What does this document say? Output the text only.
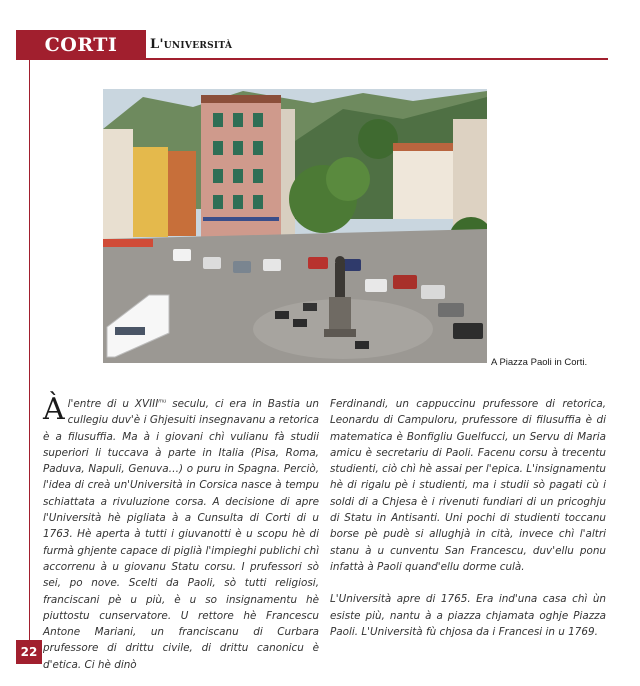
CORTI	L'università
A Piazza Paoli in Corti.

À l'entre di u $XVIII^{mu}$ seculu, ci era in Bastia un cullegiu duv'è i Ghjesuiti insegnavanu a retorica è a filusuffia. Ma à i giovani chì vulianu fà studii superiori li tuccava à parte in Italia (Pisa, Roma, Paduva, Napuli, Genuva…) o puru in Spagna. Perciò, l'idea di creà un'Università in Corsica nasce à tempu schiattata a rivuluzione corsa. A decisione di apre l'Università hè pigliata à a Cunsulta di Corti di u 1763. Hè aperta à tutti i giuvanotti è u scopu hè di furmà ghjente capace di piglià l'impieghi publichi chì accorrenu à u giovanu Statu corsu. I prufessori sò sei, po nove. Scelti da Paoli, sò tutti religiosi, franciscani pè u più, è u so insignamentu hè piuttostu cunservatore. U rettore hè Francescu Antone Mariani, un franciscanu di Curbara prufessore di drittu civile, di drittu canonicu è d'etica. Ci hè dinò

Ferdinandi, un cappuccinu prufessore di retorica, Leonardu di Campuloru, prufessore di filusuffia è di matematica è Bonfigliu Guelfucci, un Servu di Maria amicu è secretariu di Paoli. Facenu corsu à trecentu studienti, ciò chì hè assai per l'epica. L'insignamentu hè di rigalu pè i studienti, ma i studii sò pagati cù i soldi di a Chjesa è i rivenuti fundiari di un pricoghju di Statu in Antisanti. Uni pochi di studienti toccanu borse pè pudè si allughjà in cità, invece chì l'altri stanu à u cunventu San Francescu, duv'ellu ponu infattà à Paoli quand'ellu dorme culà.

L'Università apre di 1765. Era ind'una casa chì ùn esiste più, nantu à a piazza chjamata oghje Piazza Paoli. L'Università fù chjosa da i Francesi in u 1769.

22
